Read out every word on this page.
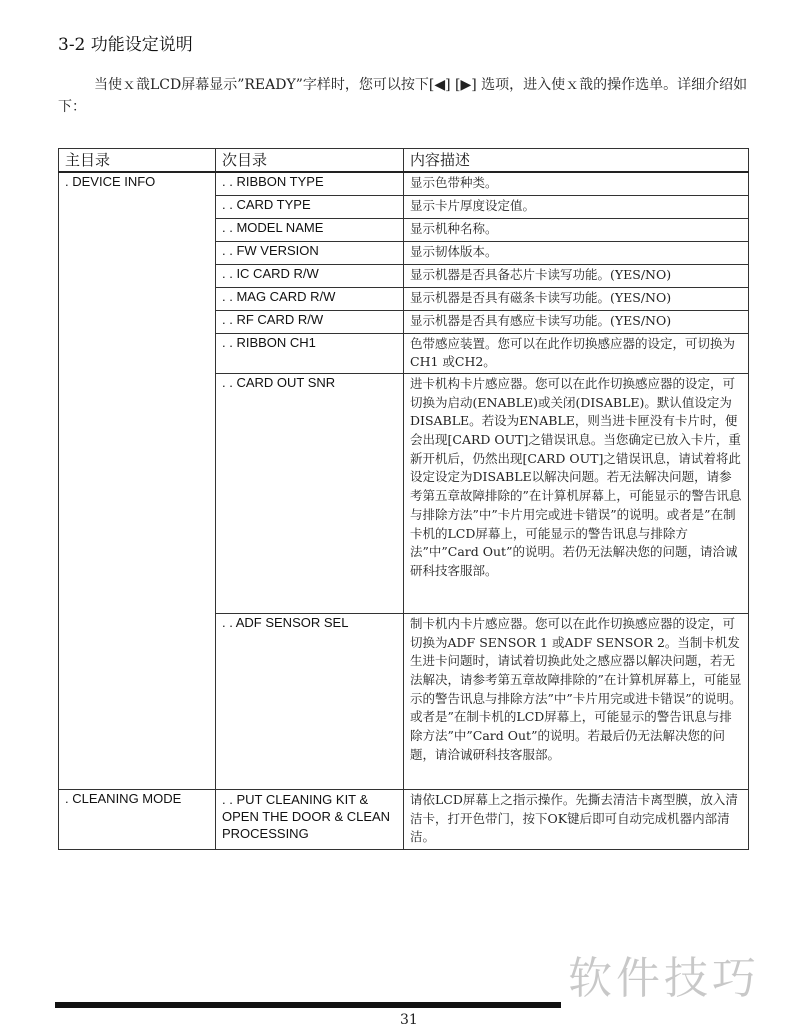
3-2 功能设定说明
当使ｘ戠LCD屏幕显示”READY”字样时，您可以按下[◀] [▶] 选项，进入使ｘ戠的操作选单。详细介绍如下：
主目录	次目录	内容描述
. DEVICE INFO	. . RIBBON TYPE	显示色带种类。
	. . CARD TYPE	显示卡片厚度设定值。
	. . MODEL NAME	显示机种名称。
	. . FW VERSION	显示韧体版本。
	. . IC CARD R/W	显示机器是否具备芯片卡读写功能。(YES/NO)
	. . MAG CARD R/W	显示机器是否具有磁条卡读写功能。(YES/NO)
	. . RF CARD R/W	显示机器是否具有感应卡读写功能。(YES/NO)
	. . RIBBON CH1	色带感应装置。您可以在此作切换感应器的设定，可切换为CH1 或CH2。
	. . CARD OUT SNR	进卡机构卡片感应器。您可以在此作切换感应器的设定，可切换为启动(ENABLE)或关闭(DISABLE)。默认值设定为DISABLE。若设为ENABLE，则当进卡匣没有卡片时，便会出现[CARD OUT]之错误讯息。当您确定已放入卡片，重新开机后，仍然出现[CARD OUT]之错误讯息，请试着将此设定设定为DISABLE以解决问题。若无法解决问题，请参考第五章故障排除的”在计算机屏幕上，可能显示的警告讯息与排除方法”中”卡片用完或进卡错误”的说明。或者是”在制卡机的LCD屏幕上，可能显示的警告讯息与排除方法”中”Card Out”的说明。若仍无法解决您的问题，请洽诚研科技客服部。
	. . ADF SENSOR SEL	制卡机内卡片感应器。您可以在此作切换感应器的设定，可切换为ADF SENSOR 1 或ADF SENSOR 2。当制卡机发生进卡问题时，请试着切换此处之感应器以解决问题，若无法解决，请参考第五章故障排除的”在计算机屏幕上，可能显示的警告讯息与排除方法”中”卡片用完或进卡错误”的说明。或者是”在制卡机的LCD屏幕上，可能显示的警告讯息与排除方法”中”Card Out”的说明。若最后仍无法解决您的问题，请洽诚研科技客服部。
. CLEANING MODE	. . PUT CLEANING KIT & OPEN THE DOOR & CLEAN PROCESSING	请依LCD屏幕上之指示操作。先撕去清洁卡离型膜，放入清洁卡，打开色带门，按下OK键后即可自动完成机器内部清洁。
软件技巧
31
